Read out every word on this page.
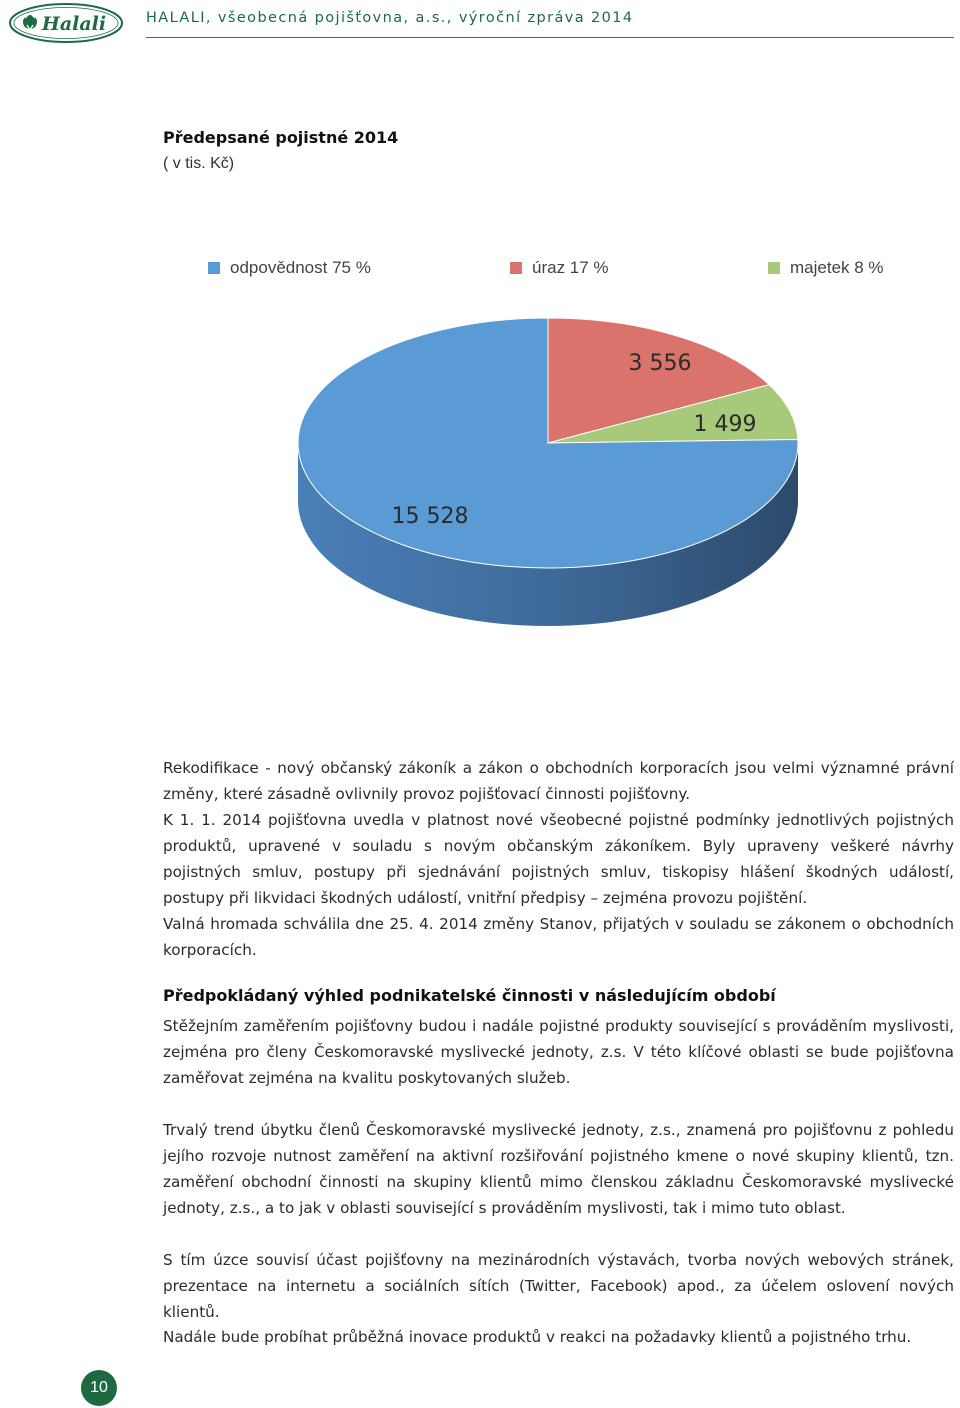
Halali	HALALI, všeobecná pojišťovna, a.s., výroční zpráva 2014
Předepsané pojistné 2014
( v tis. Kč)
odpovědnost 75 %	úraz 17 %	majetek 8 %
15 528
3 556
1 499

Rekodifikace - nový občanský zákoník a zákon o obchodních korporacích jsou velmi významné právní změny, které zásadně ovlivnily provoz pojišťovací činnosti pojišťovny.

K 1. 1. 2014 pojišťovna uvedla v platnost nové všeobecné pojistné podmínky jednotlivých pojistných produktů, upravené v souladu s novým občanským zákoníkem. Byly upraveny veškeré návrhy pojistných smluv, postupy při sjednávání pojistných smluv, tiskopisy hlášení škodných událostí, postupy při likvidaci škodných událostí, vnitřní předpisy – zejména provozu pojištění.

Valná hromada schválila dne 25. 4. 2014 změny Stanov, přijatých v souladu se zákonem o obchodních korporacích.

Předpokládaný výhled podnikatelské činnosti v následujícím období

Stěžejním zaměřením pojišťovny budou i nadále pojistné produkty související s prováděním myslivosti, zejména pro členy Českomoravské myslivecké jednoty, z.s. V této klíčové oblasti se bude pojišťovna zaměřovat zejména na kvalitu poskytovaných služeb.

Trvalý trend úbytku členů Českomoravské myslivecké jednoty, z.s., znamená pro pojišťovnu z pohledu jejího rozvoje nutnost zaměření na aktivní rozšiřování pojistného kmene o nové skupiny klientů, tzn. zaměření obchodní činnosti na skupiny klientů mimo členskou základnu Českomoravské myslivecké jednoty, z.s., a to jak v oblasti související s prováděním myslivosti, tak i mimo tuto oblast.

S tím úzce souvisí účast pojišťovny na mezinárodních výstavách, tvorba nových webových stránek, prezentace na internetu a sociálních sítích (Twitter, Facebook) apod., za účelem oslovení nových klientů.

Nadále bude probíhat průběžná inovace produktů v reakci na požadavky klientů a pojistného trhu.

10
